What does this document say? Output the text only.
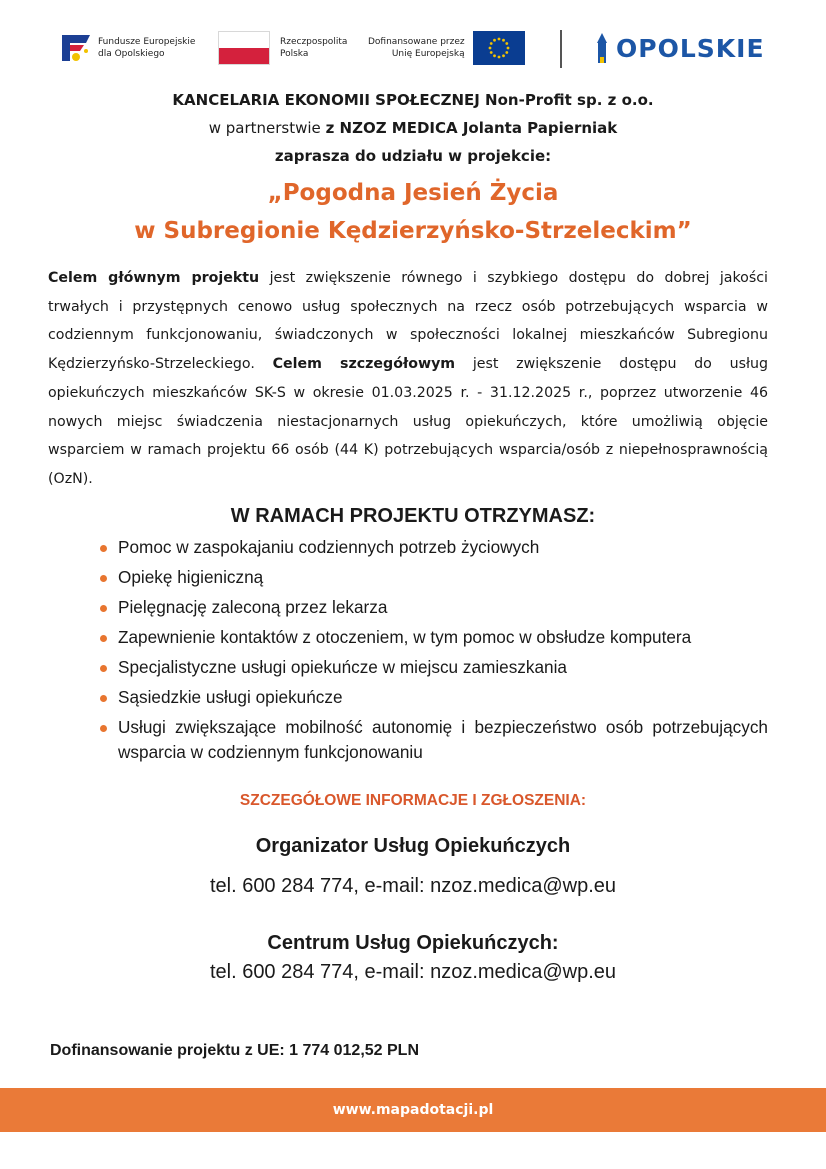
Fundusze Europejskie
dla Opolskiego
Rzeczpospolita
Polska
Dofinansowane przez
Unię Europejską	OPOLSKIE
KANCELARIA EKONOMII SPOŁECZNEJ Non-Profit sp. z o.o.
w partnerstwie z NZOZ MEDICA Jolanta Papierniak
zaprasza do udziału w projekcie:
„Pogodna Jesień Życia
w Subregionie Kędzierzyńsko-Strzeleckim”
Celem głównym projektu jest zwiększenie równego i szybkiego dostępu do dobrej jakości trwałych i przystępnych cenowo usług społecznych na rzecz osób potrzebujących wsparcia w codziennym funkcjonowaniu, świadczonych w społeczności lokalnej mieszkańców Subregionu Kędzierzyńsko-Strzeleckiego. Celem szczegółowym jest zwiększenie dostępu do usług opiekuńczych mieszkańców SK-S w okresie 01.03.2025 r. - 31.12.2025 r., poprzez utworzenie 46 nowych miejsc świadczenia niestacjonarnych usług opiekuńczych, które umożliwią objęcie wsparciem w ramach projektu 66 osób (44 K) potrzebujących wsparcia/osób z niepełnosprawnością (OzN).
W RAMACH PROJEKTU OTRZYMASZ:
Pomoc w zaspokajaniu codziennych potrzeb życiowych
Opiekę higieniczną
Pielęgnację zaleconą przez lekarza
Zapewnienie kontaktów z otoczeniem, w tym pomoc w obsłudze komputera
Specjalistyczne usługi opiekuńcze w miejscu zamieszkania
Sąsiedzkie usługi opiekuńcze
Usługi zwiększające mobilność autonomię i bezpieczeństwo osób potrzebujących wsparcia w codziennym funkcjonowaniu
SZCZEGÓŁOWE INFORMACJE I ZGŁOSZENIA:
Organizator Usług Opiekuńczych
tel. 600 284 774, e-mail: nzoz.medica@wp.eu
Centrum Usług Opiekuńczych:
tel. 600 284 774, e-mail: nzoz.medica@wp.eu
Dofinansowanie projektu z UE: 1 774 012,52 PLN
www.mapadotacji.pl
